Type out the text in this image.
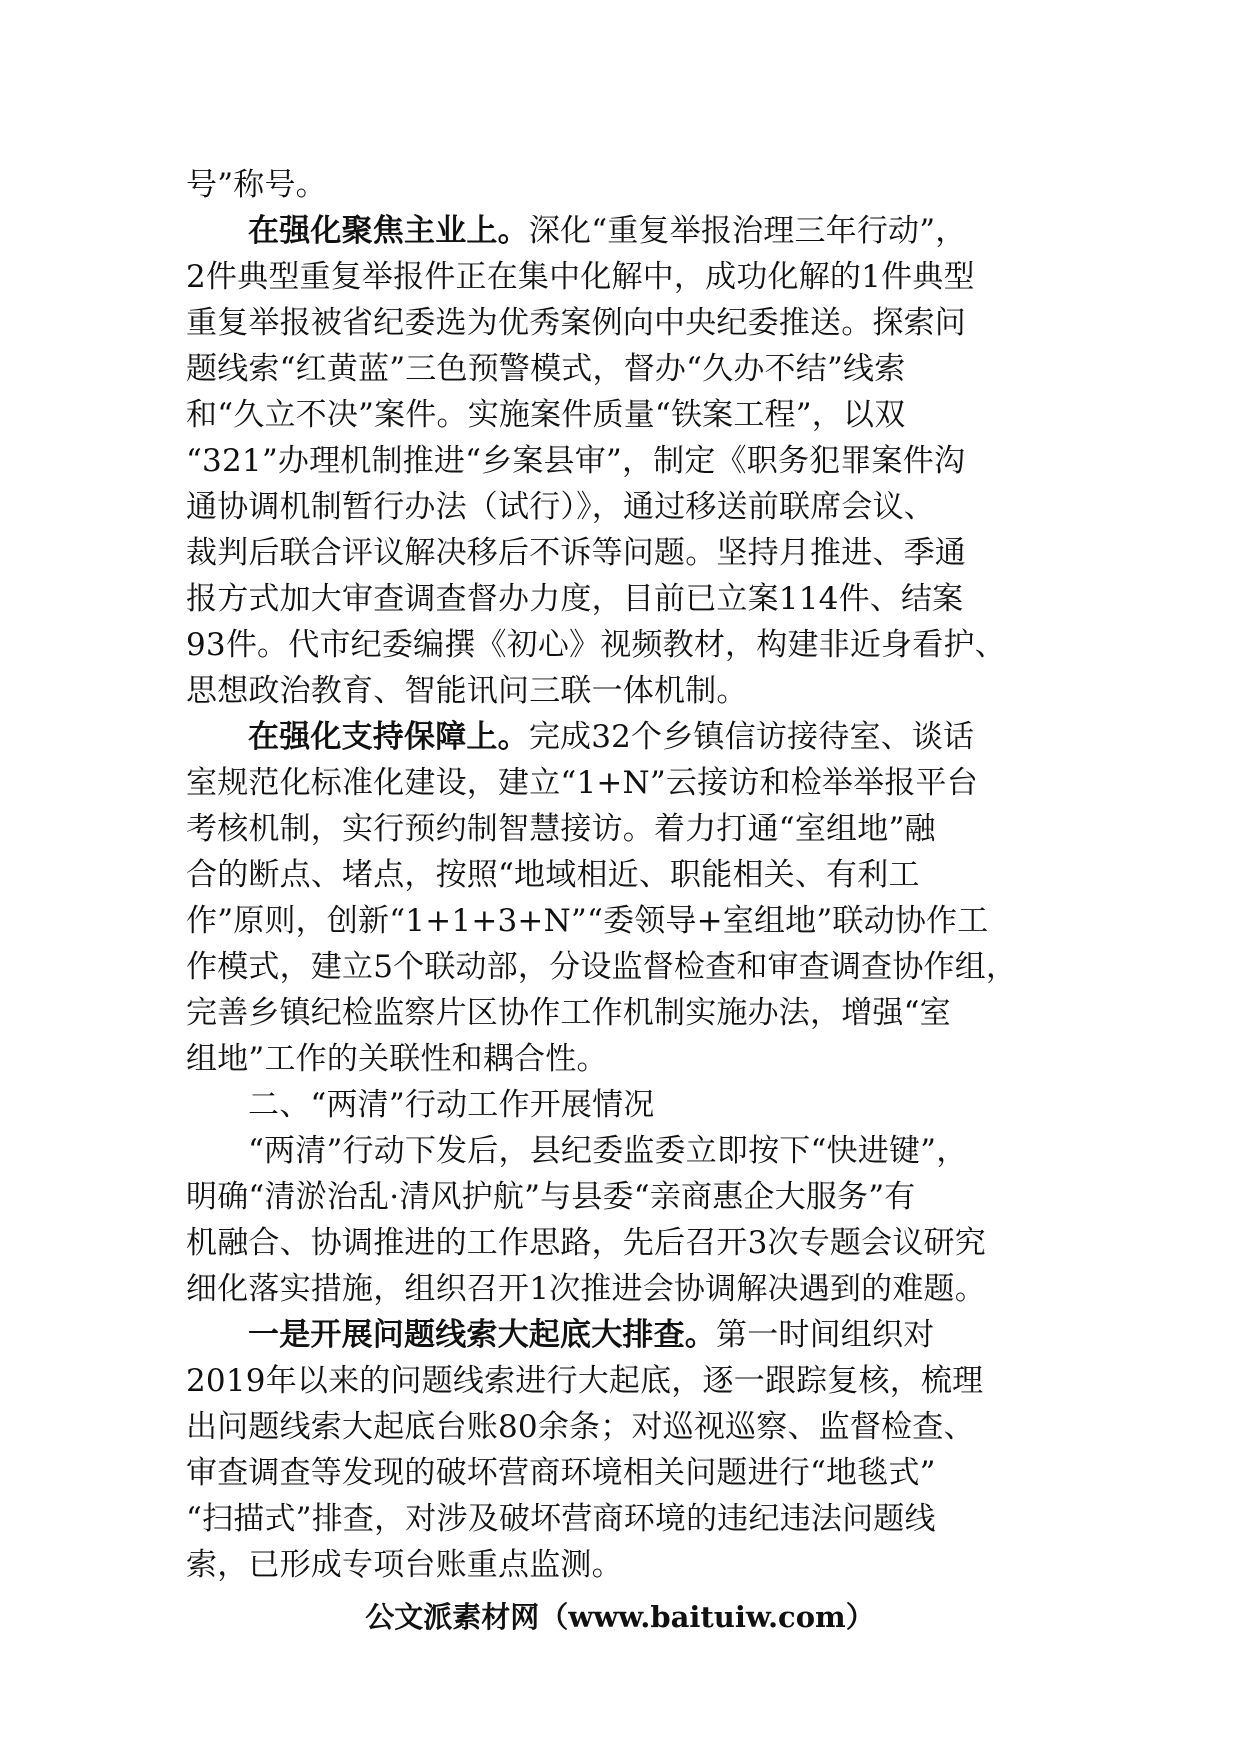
号”称号。
在强化聚焦主业上。深化“重复举报治理三年行动”，
2件典型重复举报件正在集中化解中，成功化解的1件典型
重复举报被省纪委选为优秀案例向中央纪委推送。探索问
题线索“红黄蓝”三色预警模式，督办“久办不结”线索
和“久立不决”案件。实施案件质量“铁案工程”，以双
“321”办理机制推进“乡案县审”，制定《职务犯罪案件沟
通协调机制暂行办法（试行）》，通过移送前联席会议、
裁判后联合评议解决移后不诉等问题。坚持月推进、季通
报方式加大审查调查督办力度，目前已立案114件、结案
93件。代市纪委编撰《初心》视频教材，构建非近身看护、
思想政治教育、智能讯问三联一体机制。
在强化支持保障上。完成32个乡镇信访接待室、谈话
室规范化标准化建设，建立“1+N”云接访和检举举报平台
考核机制，实行预约制智慧接访。着力打通“室组地”融
合的断点、堵点，按照“地域相近、职能相关、有利工
作”原则，创新“1+1+3+N”“委领导+室组地”联动协作工
作模式，建立5个联动部，分设监督检查和审查调查协作组，
完善乡镇纪检监察片区协作工作机制实施办法，增强“室
组地”工作的关联性和耦合性。
二、“两清”行动工作开展情况
“两清”行动下发后，县纪委监委立即按下“快进键”，
明确“清淤治乱·清风护航”与县委“亲商惠企大服务”有
机融合、协调推进的工作思路，先后召开3次专题会议研究
细化落实措施，组织召开1次推进会协调解决遇到的难题。
一是开展问题线索大起底大排查。第一时间组织对
2019年以来的问题线索进行大起底，逐一跟踪复核，梳理
出问题线索大起底台账80余条；对巡视巡察、监督检查、
审查调查等发现的破坏营商环境相关问题进行“地毯式”
“扫描式”排查，对涉及破坏营商环境的违纪违法问题线
索，已形成专项台账重点监测。
公文派素材网（www.baituiw.com）
